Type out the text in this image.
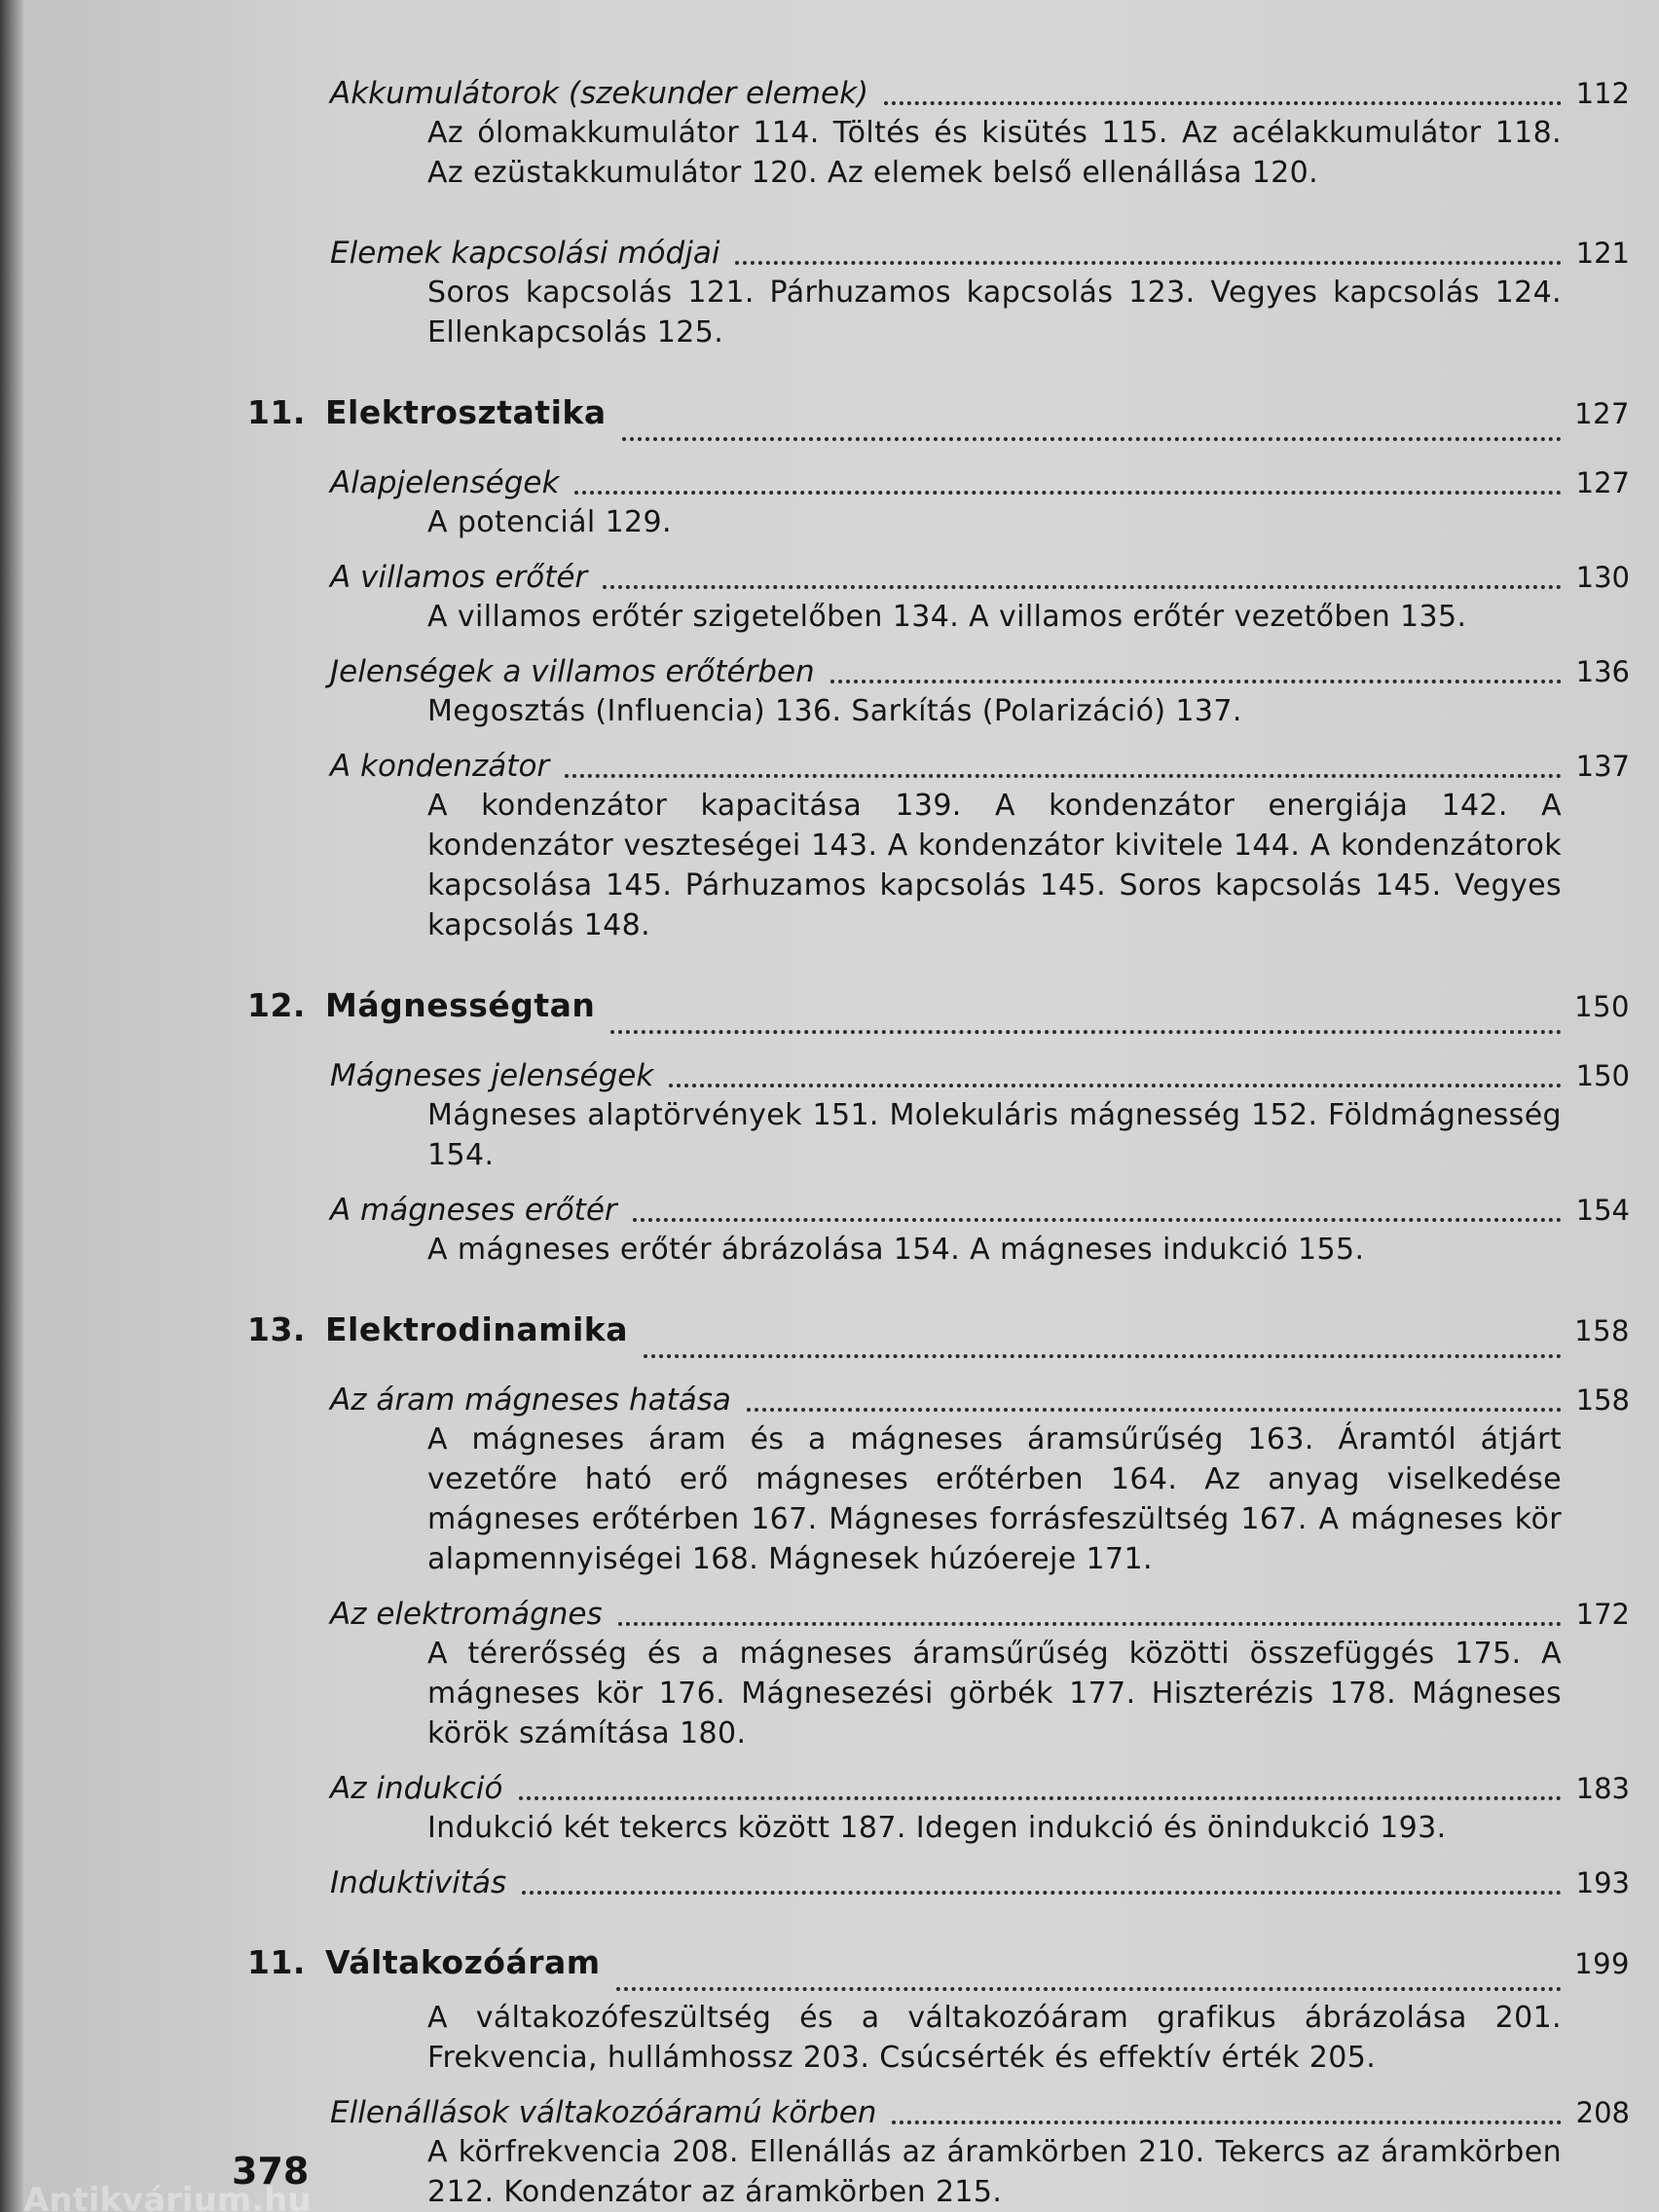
Akkumulátorok (szekunder elemek)	112
Az ólomakkumulátor 114. Töltés és kisütés 115. Az acélakkumulátor 118. Az ezüstakkumulátor 120. Az elemek belső ellenállása 120.
Elemek kapcsolási módjai	121
Soros kapcsolás 121. Párhuzamos kapcsolás 123. Vegyes kapcsolás 124. Ellenkapcsolás 125.
11. Elektrosztatika	127
Alapjelenségek	127
A potenciál 129.
A villamos erőtér	130
A villamos erőtér szigetelőben 134. A villamos erőtér vezetőben 135.
Jelenségek a villamos erőtérben	136
Megosztás (Influencia) 136. Sarkítás (Polarizáció) 137.
A kondenzátor	137
A kondenzátor kapacitása 139. A kondenzátor energiája 142. A kondenzátor veszteségei 143. A kondenzátor kivitele 144. A kondenzátorok kapcsolása 145. Párhuzamos kapcsolás 145. Soros kapcsolás 145. Vegyes kapcsolás 148.
12. Mágnességtan	150
Mágneses jelenségek	150
Mágneses alaptörvények 151. Molekuláris mágnesség 152. Földmágnesség 154.
A mágneses erőtér	154
A mágneses erőtér ábrázolása 154. A mágneses indukció 155.
13. Elektrodinamika	158
Az áram mágneses hatása	158
A mágneses áram és a mágneses áramsűrűség 163. Áramtól átjárt vezetőre ható erő mágneses erőtérben 164. Az anyag viselkedése mágneses erőtérben 167. Mágneses forrásfeszültség 167. A mágneses kör alapmennyiségei 168. Mágnesek húzóereje 171.
Az elektromágnes	172
A térerősség és a mágneses áramsűrűség közötti összefüggés 175. A mágneses kör 176. Mágnesezési görbék 177. Hiszterézis 178. Mágneses körök számítása 180.
Az indukció	183
Indukció két tekercs között 187. Idegen indukció és önindukció 193.
Induktivitás	193
11. Váltakozóáram	199
A váltakozófeszültség és a váltakozóáram grafikus ábrázolása 201. Frekvencia, hullámhossz 203. Csúcsérték és effektív érték 205.
Ellenállások váltakozóáramú körben	208
A körfrekvencia 208. Ellenállás az áramkörben 210. Tekercs az áramkörben 212. Kondenzátor az áramkörben 215.
378
Antikvárium.hu
